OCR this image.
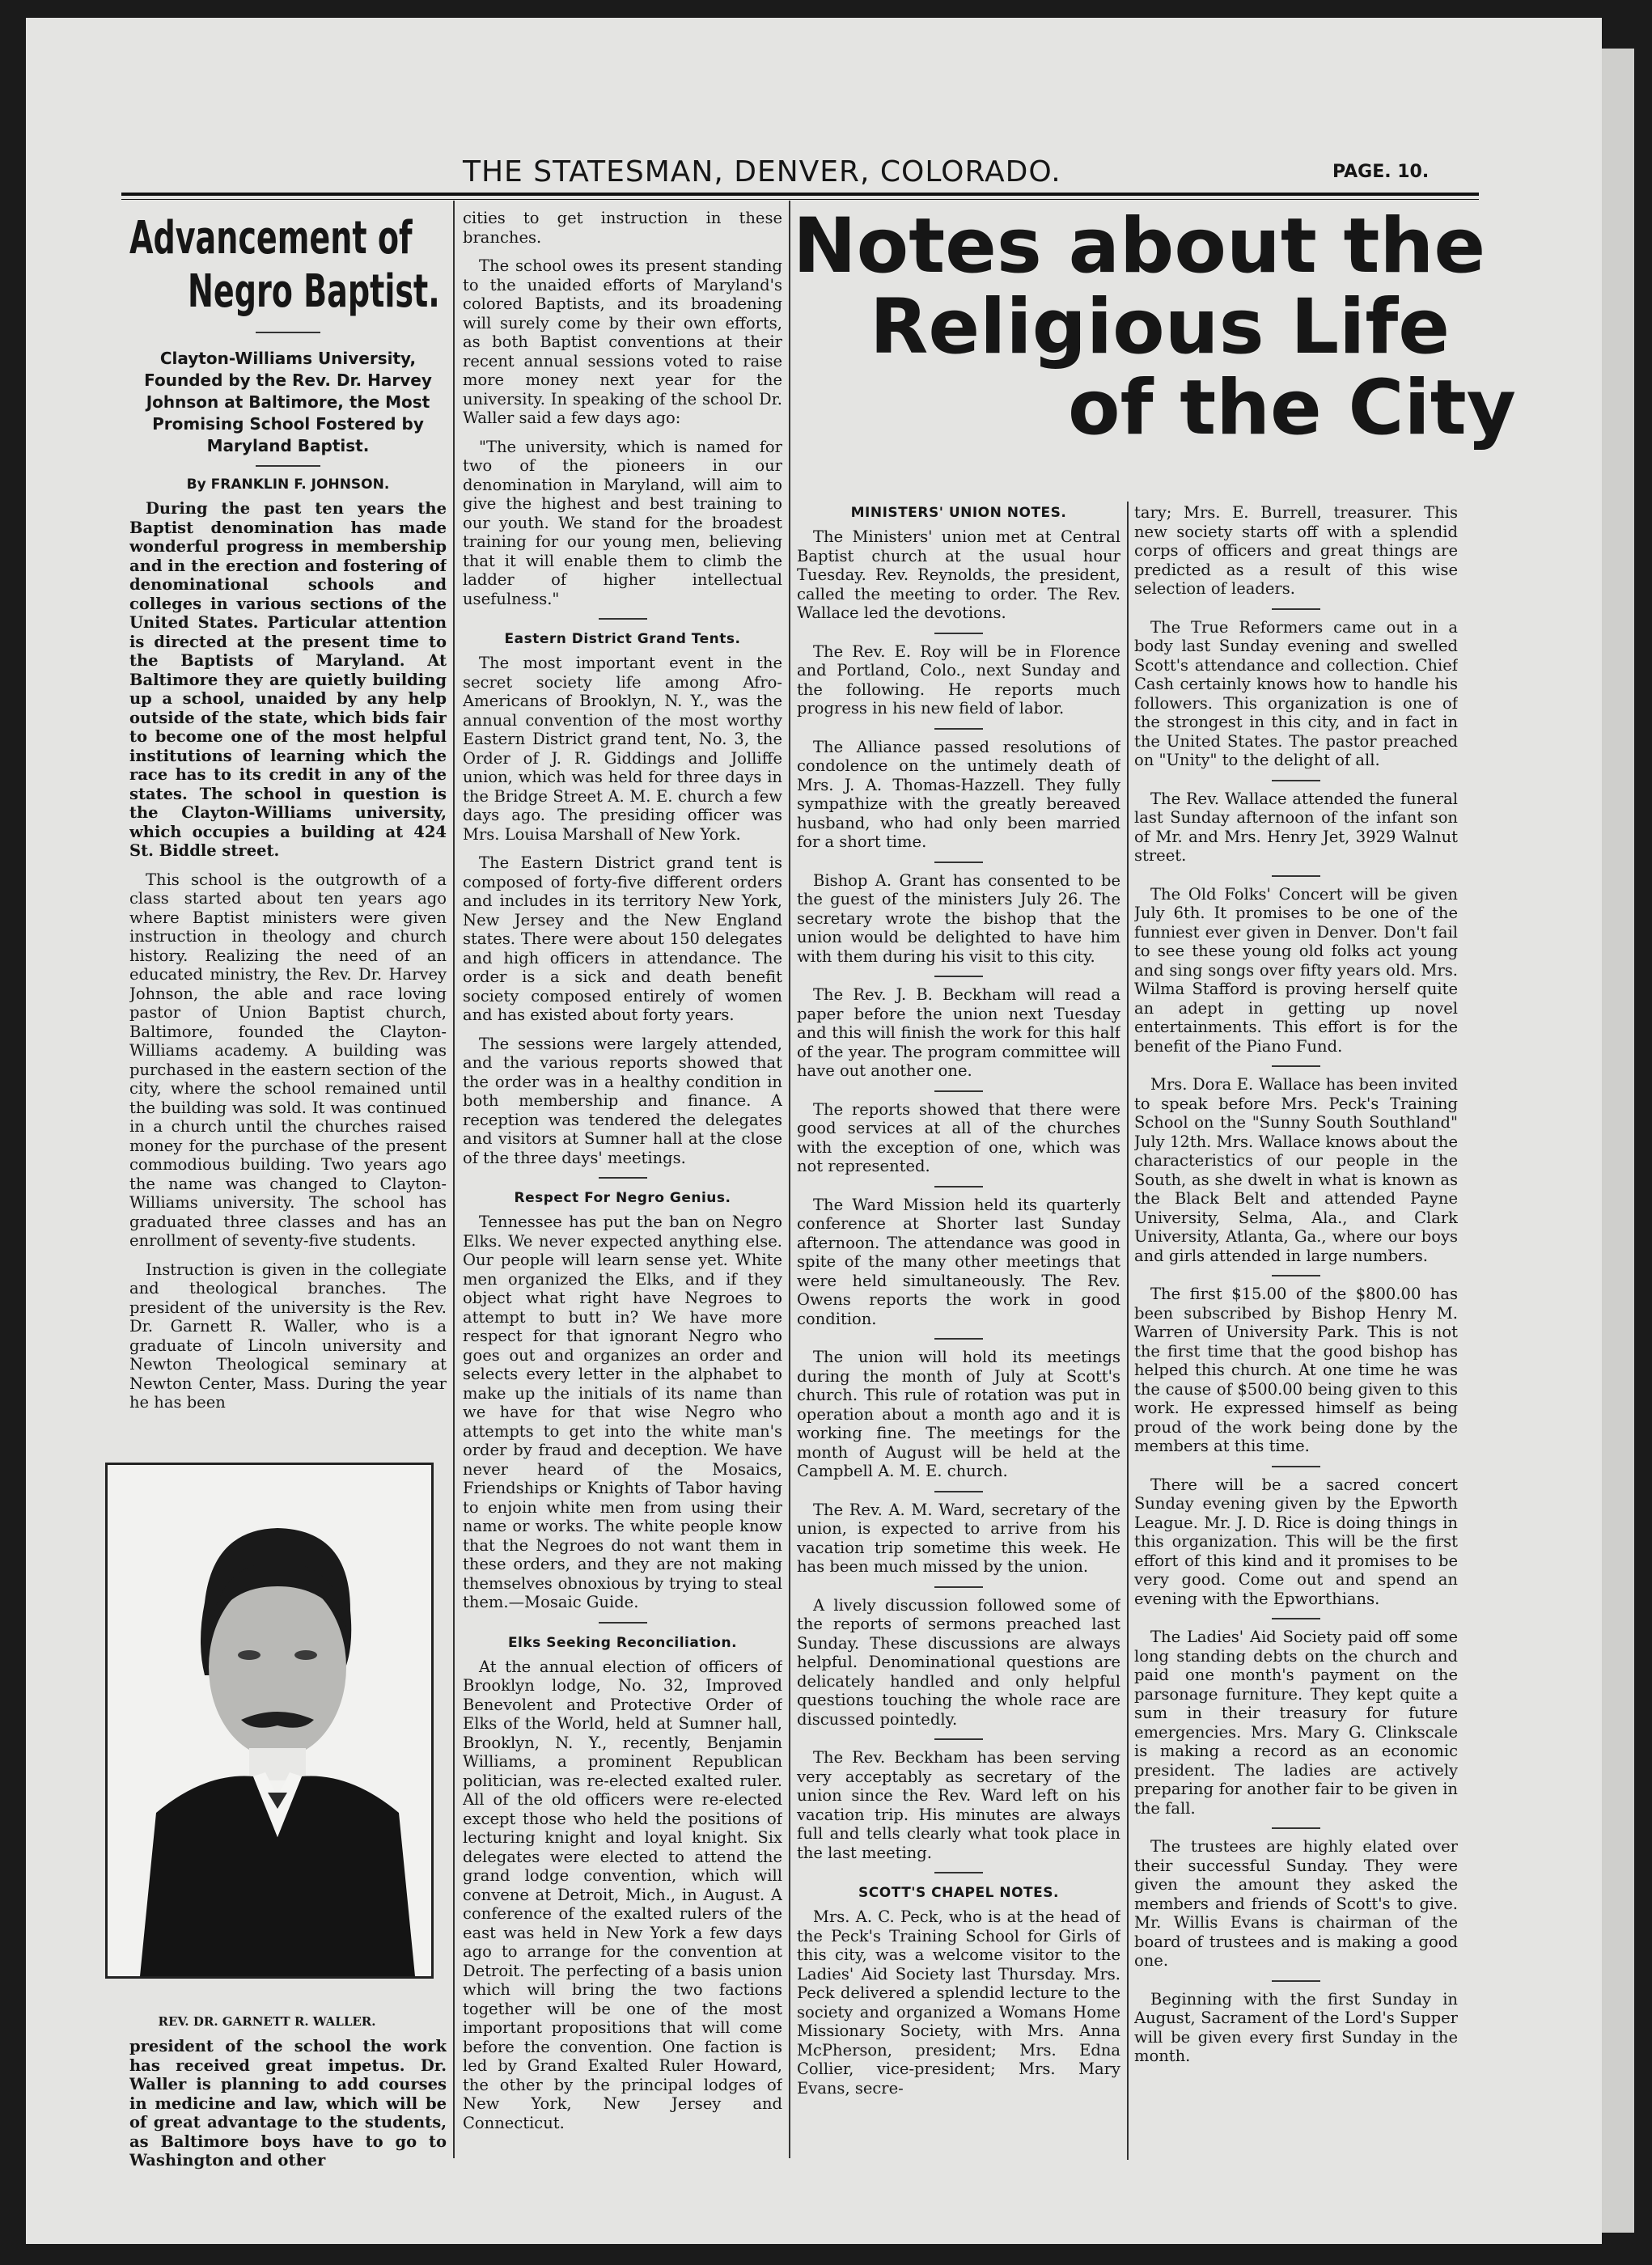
THE STATESMAN, DENVER, COLORADO.	PAGE. 10.
Advancement of
Negro Baptist.
Clayton-Williams University, Founded by the Rev. Dr. Harvey Johnson at Baltimore, the Most Promising School Fostered by Maryland Baptist.
By FRANKLIN F. JOHNSON.

During the past ten years the Baptist denomination has made wonderful progress in membership and in the erection and fostering of denominational schools and colleges in various sections of the United States. Particular attention is directed at the present time to the Baptists of Maryland. At Baltimore they are quietly building up a school, unaided by any help outside of the state, which bids fair to become one of the most helpful institutions of learning which the race has to its credit in any of the states. The school in question is the Clayton-Williams university, which occupies a building at 424 St. Biddle street.

This school is the outgrowth of a class started about ten years ago where Baptist ministers were given instruction in theology and church history. Realizing the need of an educated ministry, the Rev. Dr. Harvey Johnson, the able and race loving pastor of Union Baptist church, Baltimore, founded the Clayton-Williams academy. A building was purchased in the eastern section of the city, where the school remained until the building was sold. It was continued in a church until the churches raised money for the purchase of the present commodious building. Two years ago the name was changed to Clayton-Williams university. The school has graduated three classes and has an enrollment of seventy-five students.

Instruction is given in the collegiate and theological branches. The president of the university is the Rev. Dr. Garnett R. Waller, who is a graduate of Lincoln university and Newton Theological seminary at Newton Center, Mass. During the year he has been

REV. DR. GARNETT R. WALLER.

president of the school the work has received great impetus. Dr. Waller is planning to add courses in medicine and law, which will be of great advantage to the students, as Baltimore boys have to go to Washington and other

cities to get instruction in these branches.

The school owes its present standing to the unaided efforts of Maryland's colored Baptists, and its broadening will surely come by their own efforts, as both Baptist conventions at their recent annual sessions voted to raise more money next year for the university. In speaking of the school Dr. Waller said a few days ago:

"The university, which is named for two of the pioneers in our denomination in Maryland, will aim to give the highest and best training to our youth. We stand for the broadest training for our young men, believing that it will enable them to climb the ladder of higher intellectual usefulness."

Eastern District Grand Tents.

The most important event in the secret society life among Afro-Americans of Brooklyn, N. Y., was the annual convention of the most worthy Eastern District grand tent, No. 3, the Order of J. R. Giddings and Jolliffe union, which was held for three days in the Bridge Street A. M. E. church a few days ago. The presiding officer was Mrs. Louisa Marshall of New York.

The Eastern District grand tent is composed of forty-five different orders and includes in its territory New York, New Jersey and the New England states. There were about 150 delegates and high officers in attendance. The order is a sick and death benefit society composed entirely of women and has existed about forty years.

The sessions were largely attended, and the various reports showed that the order was in a healthy condition in both membership and finance. A reception was tendered the delegates and visitors at Sumner hall at the close of the three days' meetings.

Respect For Negro Genius.

Tennessee has put the ban on Negro Elks. We never expected anything else. Our people will learn sense yet. White men organized the Elks, and if they object what right have Negroes to attempt to butt in? We have more respect for that ignorant Negro who goes out and organizes an order and selects every letter in the alphabet to make up the initials of its name than we have for that wise Negro who attempts to get into the white man's order by fraud and deception. We have never heard of the Mosaics, Friendships or Knights of Tabor having to enjoin white men from using their name or works. The white people know that the Negroes do not want them in these orders, and they are not making themselves obnoxious by trying to steal them.—Mosaic Guide.

Elks Seeking Reconciliation.

At the annual election of officers of Brooklyn lodge, No. 32, Improved Benevolent and Protective Order of Elks of the World, held at Sumner hall, Brooklyn, N. Y., recently, Benjamin Williams, a prominent Republican politician, was re-elected exalted ruler. All of the old officers were re-elected except those who held the positions of lecturing knight and loyal knight. Six delegates were elected to attend the grand lodge convention, which will convene at Detroit, Mich., in August. A conference of the exalted rulers of the east was held in New York a few days ago to arrange for the convention at Detroit. The perfecting of a basis union which will bring the two factions together will be one of the most important propositions that will come before the convention. One faction is led by Grand Exalted Ruler Howard, the other by the principal lodges of New York, New Jersey and Connecticut.

Notes about the
Religious Life
of the City
MINISTERS' UNION NOTES.

The Ministers' union met at Central Baptist church at the usual hour Tuesday. Rev. Reynolds, the president, called the meeting to order. The Rev. Wallace led the devotions.

The Rev. E. Roy will be in Florence and Portland, Colo., next Sunday and the following. He reports much progress in his new field of labor.

The Alliance passed resolutions of condolence on the untimely death of Mrs. J. A. Thomas-Hazzell. They fully sympathize with the greatly bereaved husband, who had only been married for a short time.

Bishop A. Grant has consented to be the guest of the ministers July 26. The secretary wrote the bishop that the union would be delighted to have him with them during his visit to this city.

The Rev. J. B. Beckham will read a paper before the union next Tuesday and this will finish the work for this half of the year. The program committee will have out another one.

The reports showed that there were good services at all of the churches with the exception of one, which was not represented.

The Ward Mission held its quarterly conference at Shorter last Sunday afternoon. The attendance was good in spite of the many other meetings that were held simultaneously. The Rev. Owens reports the work in good condition.

The union will hold its meetings during the month of July at Scott's church. This rule of rotation was put in operation about a month ago and it is working fine. The meetings for the month of August will be held at the Campbell A. M. E. church.

The Rev. A. M. Ward, secretary of the union, is expected to arrive from his vacation trip sometime this week. He has been much missed by the union.

A lively discussion followed some of the reports of sermons preached last Sunday. These discussions are always helpful. Denominational questions are delicately handled and only helpful questions touching the whole race are discussed pointedly.

The Rev. Beckham has been serving very acceptably as secretary of the union since the Rev. Ward left on his vacation trip. His minutes are always full and tells clearly what took place in the last meeting.

SCOTT'S CHAPEL NOTES.

Mrs. A. C. Peck, who is at the head of the Peck's Training School for Girls of this city, was a welcome visitor to the Ladies' Aid Society last Thursday. Mrs. Peck delivered a splendid lecture to the society and organized a Womans Home Missionary Society, with Mrs. Anna McPherson, president; Mrs. Edna Collier, vice-president; Mrs. Mary Evans, secre-

tary; Mrs. E. Burrell, treasurer. This new society starts off with a splendid corps of officers and great things are predicted as a result of this wise selection of leaders.

The True Reformers came out in a body last Sunday evening and swelled Scott's attendance and collection. Chief Cash certainly knows how to handle his followers. This organization is one of the strongest in this city, and in fact in the United States. The pastor preached on "Unity" to the delight of all.

The Rev. Wallace attended the funeral last Sunday afternoon of the infant son of Mr. and Mrs. Henry Jet, 3929 Walnut street.

The Old Folks' Concert will be given July 6th. It promises to be one of the funniest ever given in Denver. Don't fail to see these young old folks act young and sing songs over fifty years old. Mrs. Wilma Stafford is proving herself quite an adept in getting up novel entertainments. This effort is for the benefit of the Piano Fund.

Mrs. Dora E. Wallace has been invited to speak before Mrs. Peck's Training School on the "Sunny South Southland" July 12th. Mrs. Wallace knows about the characteristics of our people in the South, as she dwelt in what is known as the Black Belt and attended Payne University, Selma, Ala., and Clark University, Atlanta, Ga., where our boys and girls attended in large numbers.

The first $15.00 of the $800.00 has been subscribed by Bishop Henry M. Warren of University Park. This is not the first time that the good bishop has helped this church. At one time he was the cause of $500.00 being given to this work. He expressed himself as being proud of the work being done by the members at this time.

There will be a sacred concert Sunday evening given by the Epworth League. Mr. J. D. Rice is doing things in this organization. This will be the first effort of this kind and it promises to be very good. Come out and spend an evening with the Epworthians.

The Ladies' Aid Society paid off some long standing debts on the church and paid one month's payment on the parsonage furniture. They kept quite a sum in their treasury for future emergencies. Mrs. Mary G. Clinkscale is making a record as an economic president. The ladies are actively preparing for another fair to be given in the fall.

The trustees are highly elated over their successful Sunday. They were given the amount they asked the members and friends of Scott's to give. Mr. Willis Evans is chairman of the board of trustees and is making a good one.

Beginning with the first Sunday in August, Sacrament of the Lord's Supper will be given every first Sunday in the month.
